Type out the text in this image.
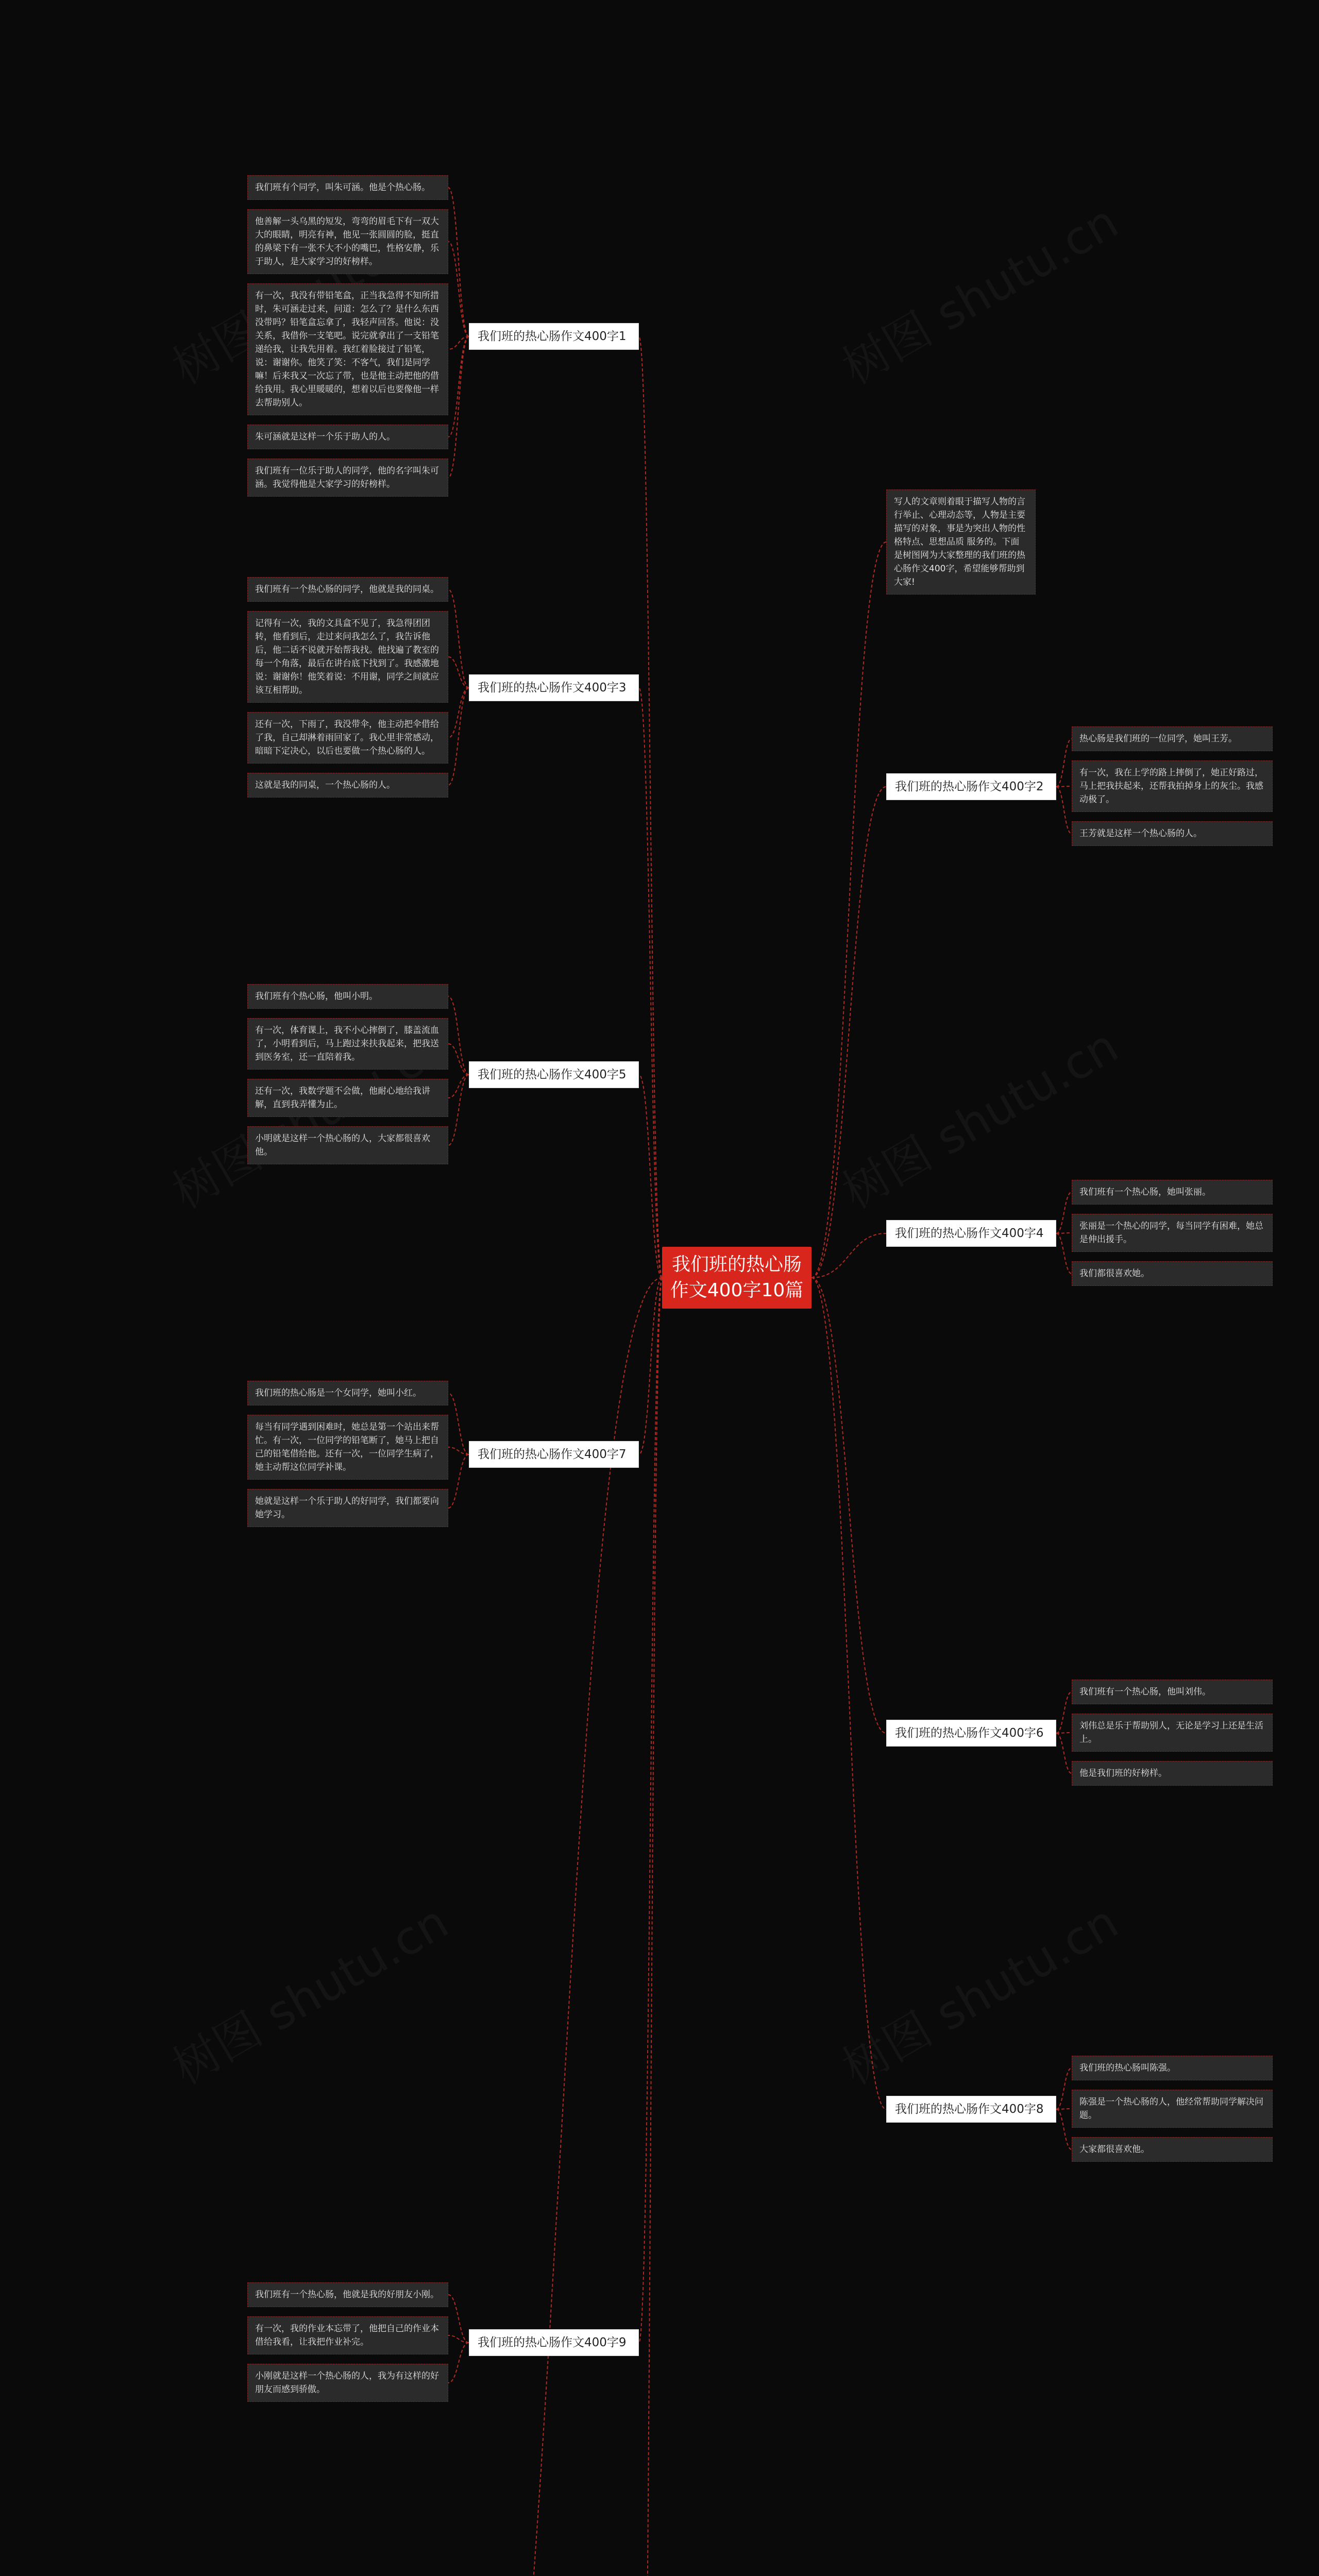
我们班的热心肠作文400字10篇
写人的文章则着眼于描写人物的言行举止、心理动态等，人物是主要描写的对象，事是为突出人物的性格特点、思想品质 服务的。下面是树图网为大家整理的我们班的热心肠作文400字，希望能够帮助到大家!
我们班有个同学，叫朱可涵。他是个热心肠。
他善解一头乌黑的短发，弯弯的眉毛下有一双大大的眼睛，明亮有神，他见一张圆圆的脸，挺直的鼻梁下有一张不大不小的嘴巴，性格安静，乐于助人，是大家学习的好榜样。
有一次，我没有带铅笔盒，正当我急得不知所措时，朱可涵走过来，问道：怎么了？是什么东西没带吗？铅笔盒忘拿了，我轻声回答。他说：没关系，我借你一支笔吧。说完就拿出了一支铅笔递给我，让我先用着。我红着脸接过了铅笔，说：谢谢你。他笑了笑：不客气，我们是同学嘛！后来我又一次忘了带，也是他主动把他的借给我用。我心里暖暖的，想着以后也要像他一样去帮助别人。
朱可涵就是这样一个乐于助人的人。
我们班有一位乐于助人的同学，他的名字叫朱可涵。我觉得他是大家学习的好榜样。
我们班的热心肠作文400字1
我们班有一个热心肠的同学，他就是我的同桌。
记得有一次，我的文具盒不见了，我急得团团转，他看到后，走过来问我怎么了，我告诉他后，他二话不说就开始帮我找。他找遍了教室的每一个角落，最后在讲台底下找到了。我感激地说：谢谢你！他笑着说：不用谢，同学之间就应该互相帮助。
还有一次，下雨了，我没带伞，他主动把伞借给了我，自己却淋着雨回家了。我心里非常感动，暗暗下定决心，以后也要做一个热心肠的人。
这就是我的同桌，一个热心肠的人。
我们班的热心肠作文400字3
我们班有个热心肠，他叫小明。
有一次，体育课上，我不小心摔倒了，膝盖流血了，小明看到后，马上跑过来扶我起来，把我送到医务室，还一直陪着我。
还有一次，我数学题不会做，他耐心地给我讲解，直到我弄懂为止。
小明就是这样一个热心肠的人，大家都很喜欢他。
我们班的热心肠作文400字5
我们班的热心肠是一个女同学，她叫小红。
每当有同学遇到困难时，她总是第一个站出来帮忙。有一次，一位同学的铅笔断了，她马上把自己的铅笔借给他。还有一次，一位同学生病了，她主动帮这位同学补课。
她就是这样一个乐于助人的好同学，我们都要向她学习。
我们班的热心肠作文400字7
我们班有一个热心肠，他就是我的好朋友小刚。
有一次，我的作业本忘带了，他把自己的作业本借给我看，让我把作业补完。
小刚就是这样一个热心肠的人，我为有这样的好朋友而感到骄傲。
我们班的热心肠作文400字9
热心肠是我们班的一位同学，她叫王芳。
有一次，我在上学的路上摔倒了，她正好路过，马上把我扶起来，还帮我拍掉身上的灰尘。我感动极了。
王芳就是这样一个热心肠的人。
我们班的热心肠作文400字2
我们班有一个热心肠，她叫张丽。
张丽是一个热心的同学，每当同学有困难，她总是伸出援手。
我们都很喜欢她。
我们班的热心肠作文400字4
我们班有一个热心肠，他叫刘伟。
刘伟总是乐于帮助别人，无论是学习上还是生活上。
他是我们班的好榜样。
我们班的热心肠作文400字6
我们班的热心肠叫陈强。
陈强是一个热心肠的人，他经常帮助同学解决问题。
大家都很喜欢他。
我们班的热心肠作文400字8
